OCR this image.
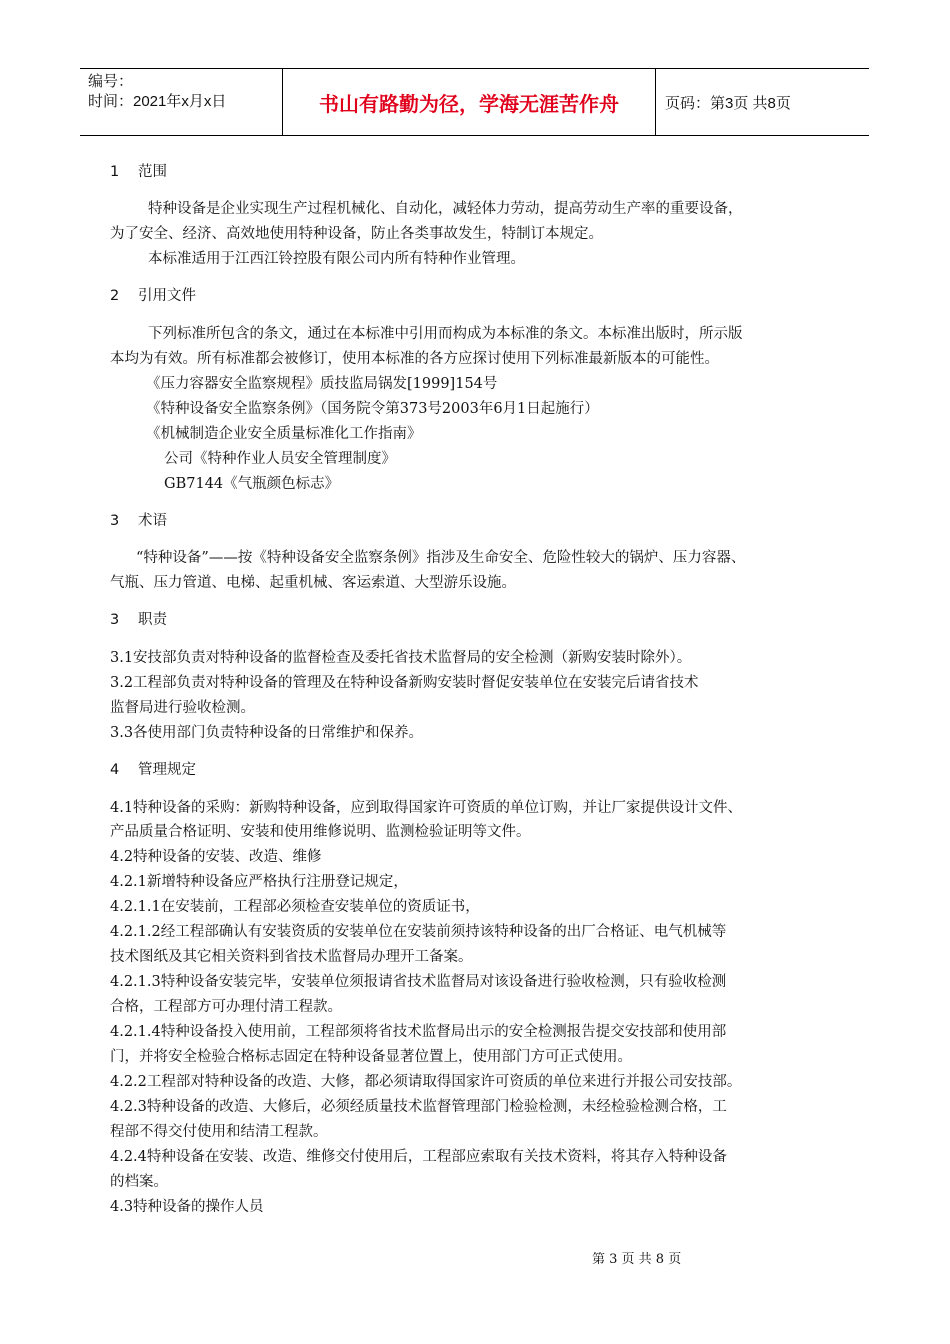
编号：
时间：2021年x月x日	书山有路勤为径，学海无涯苦作舟	页码：第3页 共8页
1 范围
特种设备是企业实现生产过程机械化、自动化，减轻体力劳动，提高劳动生产率的重要设备，
为了安全、经济、高效地使用特种设备，防止各类事故发生，特制订本规定。
本标准适用于江西江铃控股有限公司内所有特种作业管理。
2 引用文件
下列标准所包含的条文，通过在本标准中引用而构成为本标准的条文。本标准出版时，所示版
本均为有效。所有标准都会被修订，使用本标准的各方应探讨使用下列标准最新版本的可能性。
《压力容器安全监察规程》质技监局锅发[1999]154号
《特种设备安全监察条例》（国务院令第373号2003年6月1日起施行）
《机械制造企业安全质量标准化工作指南》
公司《特种作业人员安全管理制度》
GB7144《气瓶颜色标志》
3 术语
“特种设备”——按《特种设备安全监察条例》指涉及生命安全、危险性较大的锅炉、压力容器、
气瓶、压力管道、电梯、起重机械、客运索道、大型游乐设施。
3 职责
3.1安技部负责对特种设备的监督检查及委托省技术监督局的安全检测（新购安装时除外）。
3.2工程部负责对特种设备的管理及在特种设备新购安装时督促安装单位在安装完后请省技术
监督局进行验收检测。
3.3各使用部门负责特种设备的日常维护和保养。
4 管理规定
4.1特种设备的采购：新购特种设备，应到取得国家许可资质的单位订购，并让厂家提供设计文件、
产品质量合格证明、安装和使用维修说明、监测检验证明等文件。
4.2特种设备的安装、改造、维修
4.2.1新增特种设备应严格执行注册登记规定，
4.2.1.1在安装前，工程部必须检查安装单位的资质证书，
4.2.1.2经工程部确认有安装资质的安装单位在安装前须持该特种设备的出厂合格证、电气机械等
技术图纸及其它相关资料到省技术监督局办理开工备案。
4.2.1.3特种设备安装完毕，安装单位须报请省技术监督局对该设备进行验收检测，只有验收检测
合格，工程部方可办理付清工程款。
4.2.1.4特种设备投入使用前，工程部须将省技术监督局出示的安全检测报告提交安技部和使用部
门，并将安全检验合格标志固定在特种设备显著位置上，使用部门方可正式使用。
4.2.2工程部对特种设备的改造、大修，都必须请取得国家许可资质的单位来进行并报公司安技部。
4.2.3特种设备的改造、大修后，必须经质量技术监督管理部门检验检测，未经检验检测合格，工
程部不得交付使用和结清工程款。
4.2.4特种设备在安装、改造、维修交付使用后，工程部应索取有关技术资料，将其存入特种设备
的档案。
4.3特种设备的操作人员
第 3 页 共 8 页
